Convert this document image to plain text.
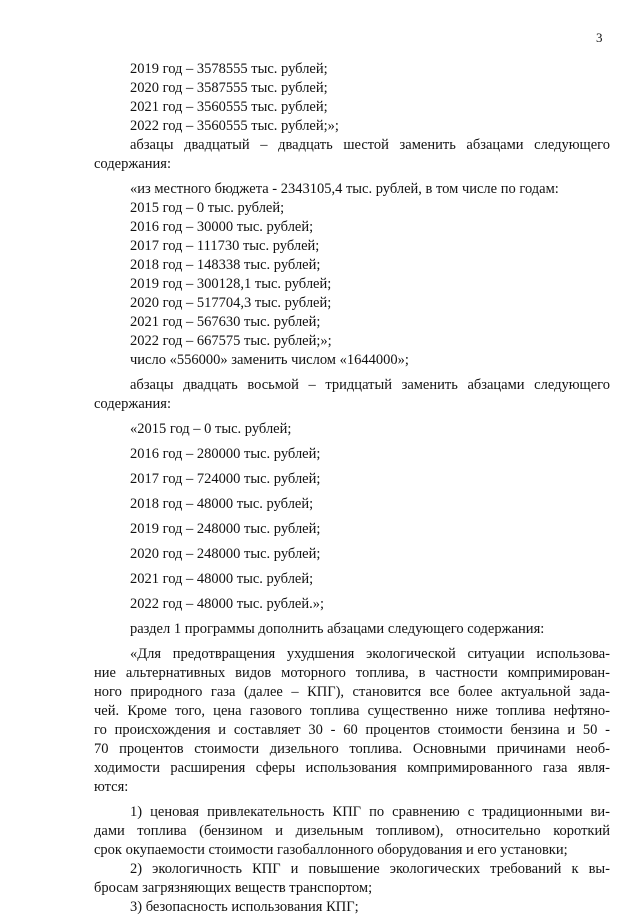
3
2019 год – 3578555 тыс. рублей;
2020 год – 3587555 тыс. рублей;
2021 год – 3560555 тыс. рублей;
2022 год – 3560555 тыс. рублей;»;
абзацы двадцатый – двадцать шестой заменить абзацами следующего
содержания:
«из местного бюджета - 2343105,4 тыс. рублей, в том числе по годам:
2015 год – 0 тыс. рублей;
2016 год – 30000 тыс. рублей;
2017 год – 111730 тыс. рублей;
2018 год – 148338 тыс. рублей;
2019 год – 300128,1 тыс. рублей;
2020 год – 517704,3 тыс. рублей;
2021 год – 567630 тыс. рублей;
2022 год – 667575 тыс. рублей;»;
число «556000» заменить числом «1644000»;
абзацы двадцать восьмой – тридцатый заменить абзацами следующего
содержания:
«2015 год – 0 тыс. рублей;
2016 год – 280000 тыс. рублей;
2017 год – 724000 тыс. рублей;
2018 год – 48000 тыс. рублей;
2019 год – 248000 тыс. рублей;
2020 год – 248000 тыс. рублей;
2021 год – 48000 тыс. рублей;
2022 год – 48000 тыс. рублей.»;
раздел 1 программы дополнить абзацами следующего содержания:
«Для предотвращения ухудшения экологической ситуации использова-
ние альтернативных видов моторного топлива, в частности компримирован-
ного природного газа (далее – КПГ), становится все более актуальной зада-
чей. Кроме того, цена газового топлива существенно ниже топлива нефтяно-
го происхождения и составляет 30 - 60 процентов стоимости бензина и 50 -
70 процентов стоимости дизельного топлива. Основными причинами необ-
ходимости расширения сферы использования компримированного газа явля-
ются:
1) ценовая привлекательность КПГ по сравнению с традиционными ви-
дами топлива (бензином и дизельным топливом), относительно короткий
срок окупаемости стоимости газобаллонного оборудования и его установки;
2) экологичность КПГ и повышение экологических требований к вы-
бросам загрязняющих веществ транспортом;
3) безопасность использования КПГ;
